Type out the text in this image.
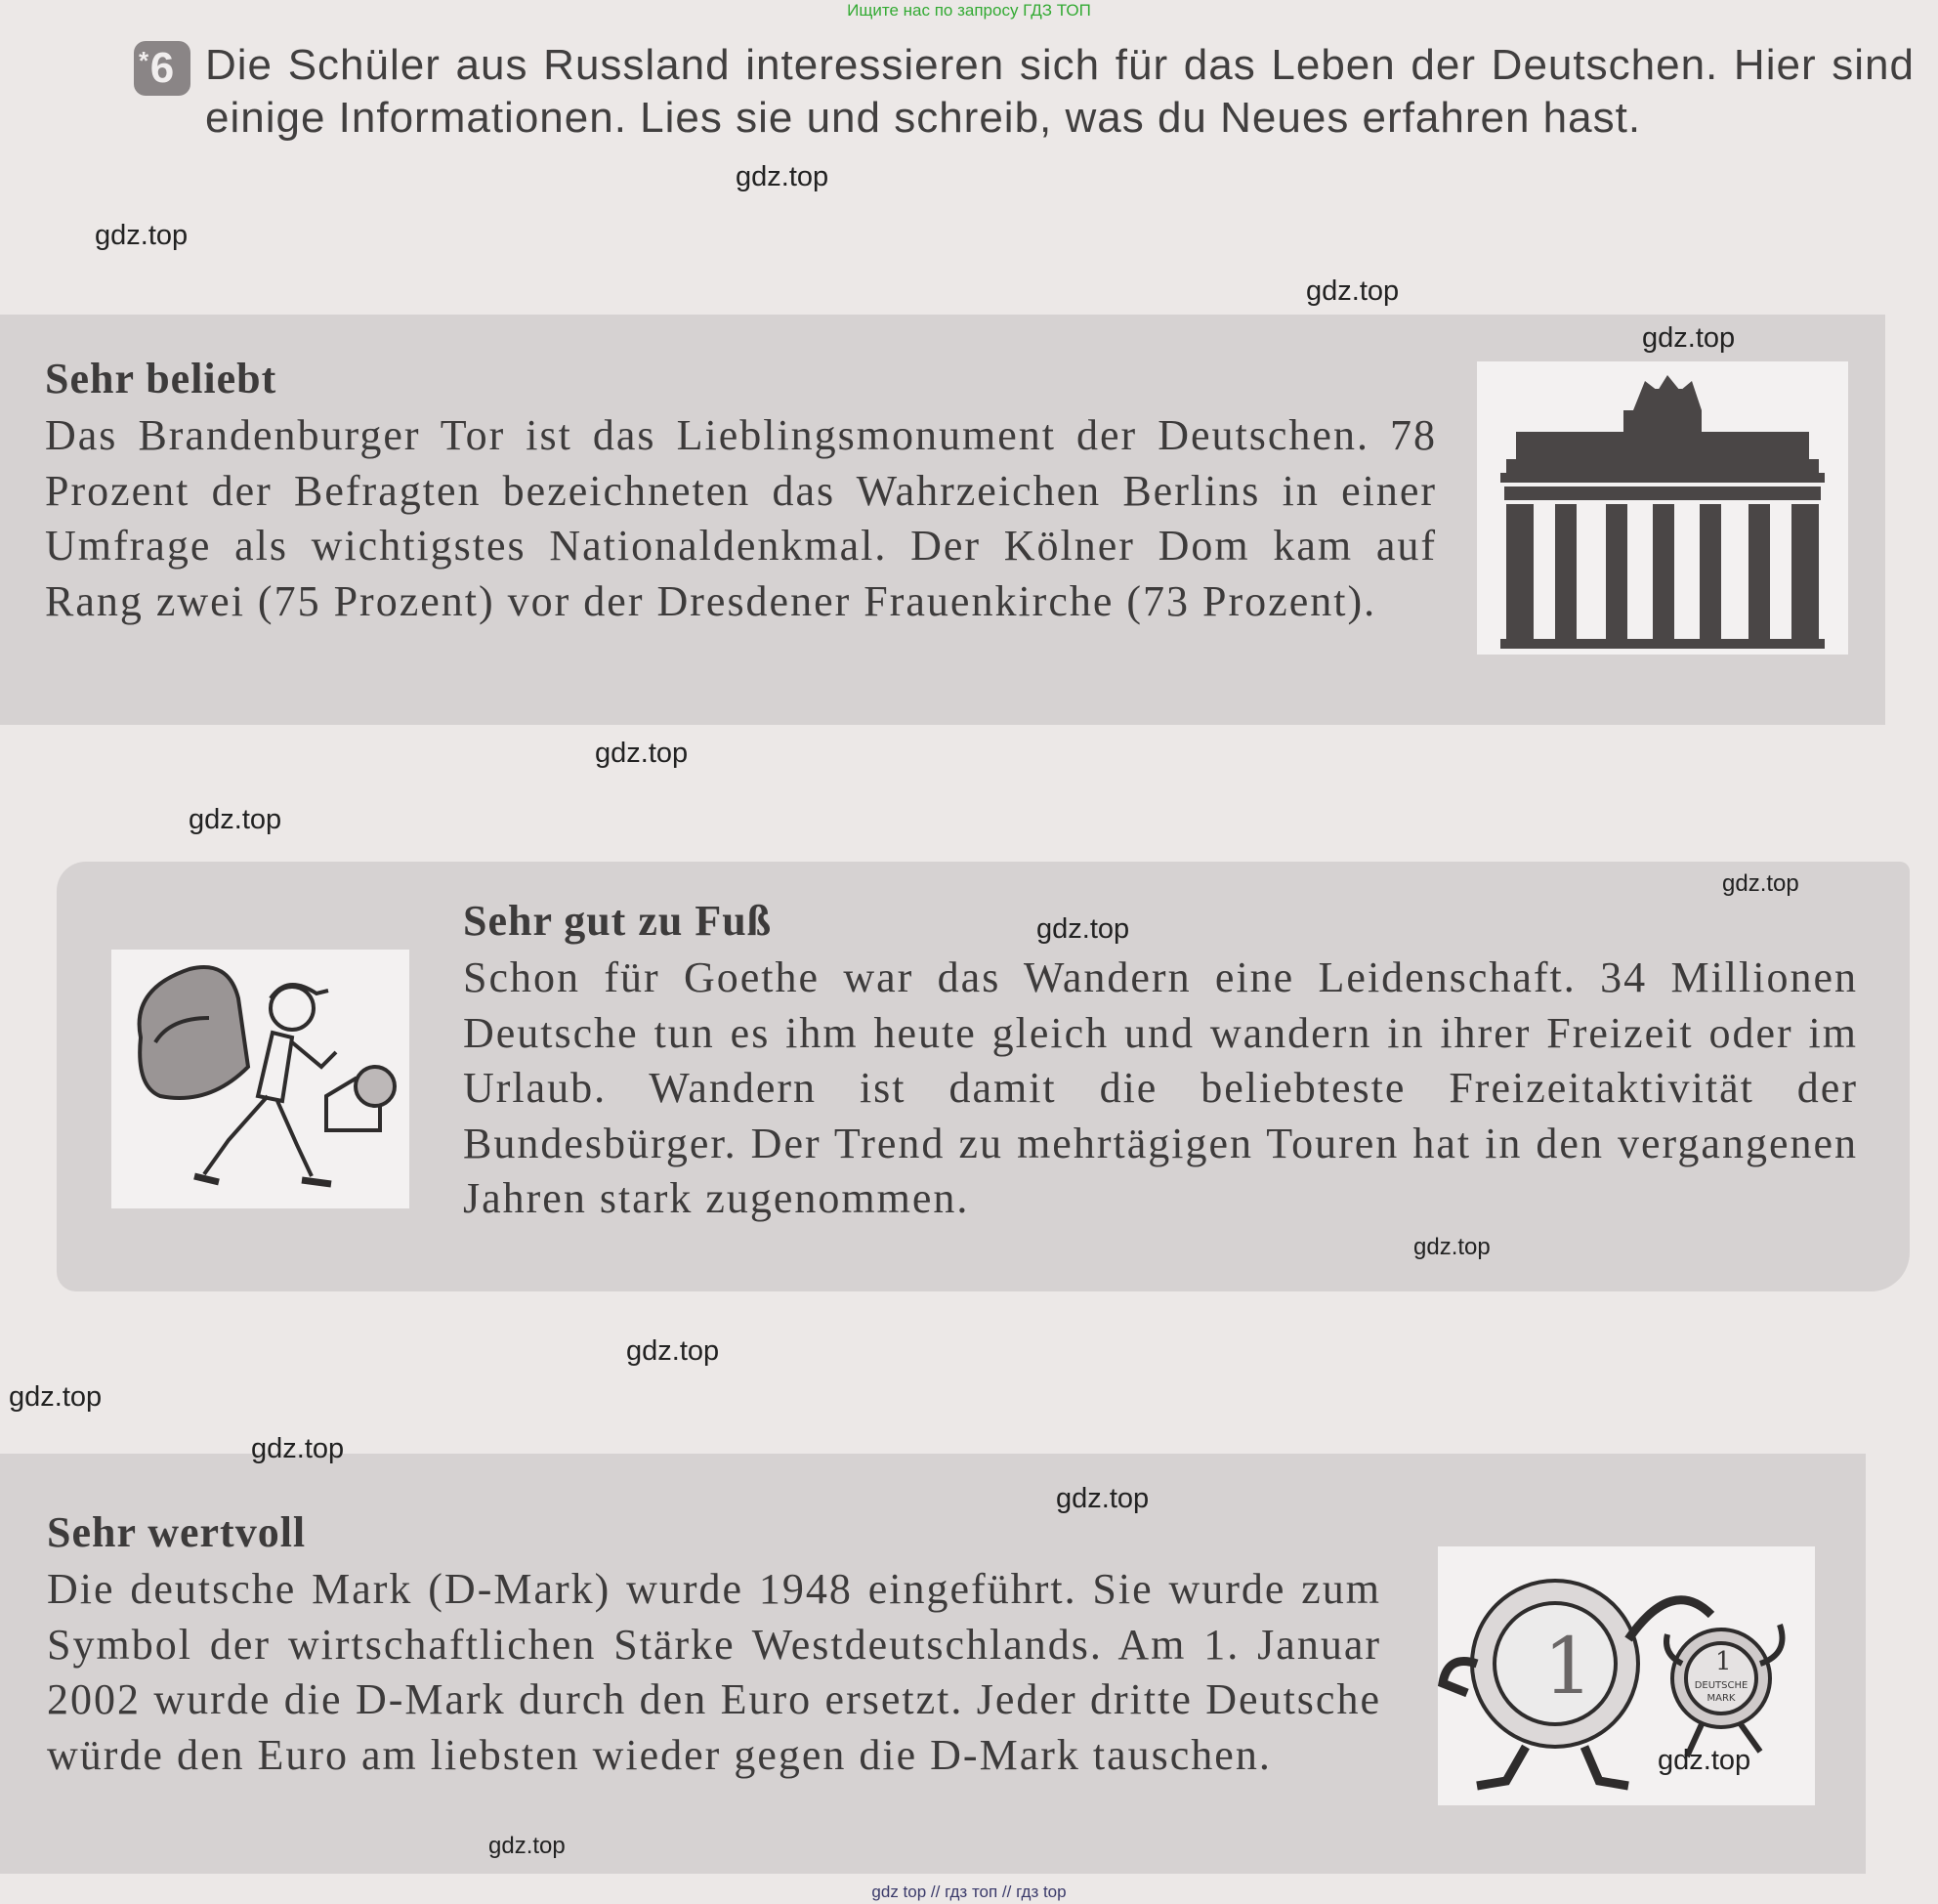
Ищите нас по запросу ГДЗ ТОП
* 6 Die Schüler aus Russland interessieren sich für das Leben der Deutschen. Hier sind einige Informationen. Lies sie und schreib, was du Neues erfahren hast.
Sehr beliebt
Das Brandenburger Tor ist das Lieblingsmonument der Deutschen. 78 Prozent der Befragten bezeichneten das Wahrzeichen Berlins in einer Umfrage als wichtigstes Nationaldenkmal. Der Kölner Dom kam auf Rang zwei (75 Prozent) vor der Dresdener Frauenkirche (73 Prozent).
Sehr gut zu Fuß
Schon für Goethe war das Wandern eine Leidenschaft. 34 Millionen Deutsche tun es ihm heute gleich und wandern in ihrer Freizeit oder im Urlaub. Wandern ist damit die beliebteste Freizeitaktivität der Bundesbürger. Der Trend zu mehrtägigen Touren hat in den vergangenen Jahren stark zugenommen.
Sehr wertvoll
Die deutsche Mark (D-Mark) wurde 1948 eingeführt. Sie wurde zum Symbol der wirtschaftlichen Stärke Westdeutschlands. Am 1. Januar 2002 wurde die D-Mark durch den Euro ersetzt. Jeder dritte Deutsche würde den Euro am liebsten wieder gegen die D-Mark tauschen.
1	1
DEUTSCHE
MARK
gdz.top
gdz.top
gdz.top
gdz.top
gdz.top
gdz.top
gdz.top
gdz.top
gdz.top
gdz.top
gdz.top
gdz.top
gdz.top
gdz.top
gdz.top
gdz top // гдз топ // гдз top
